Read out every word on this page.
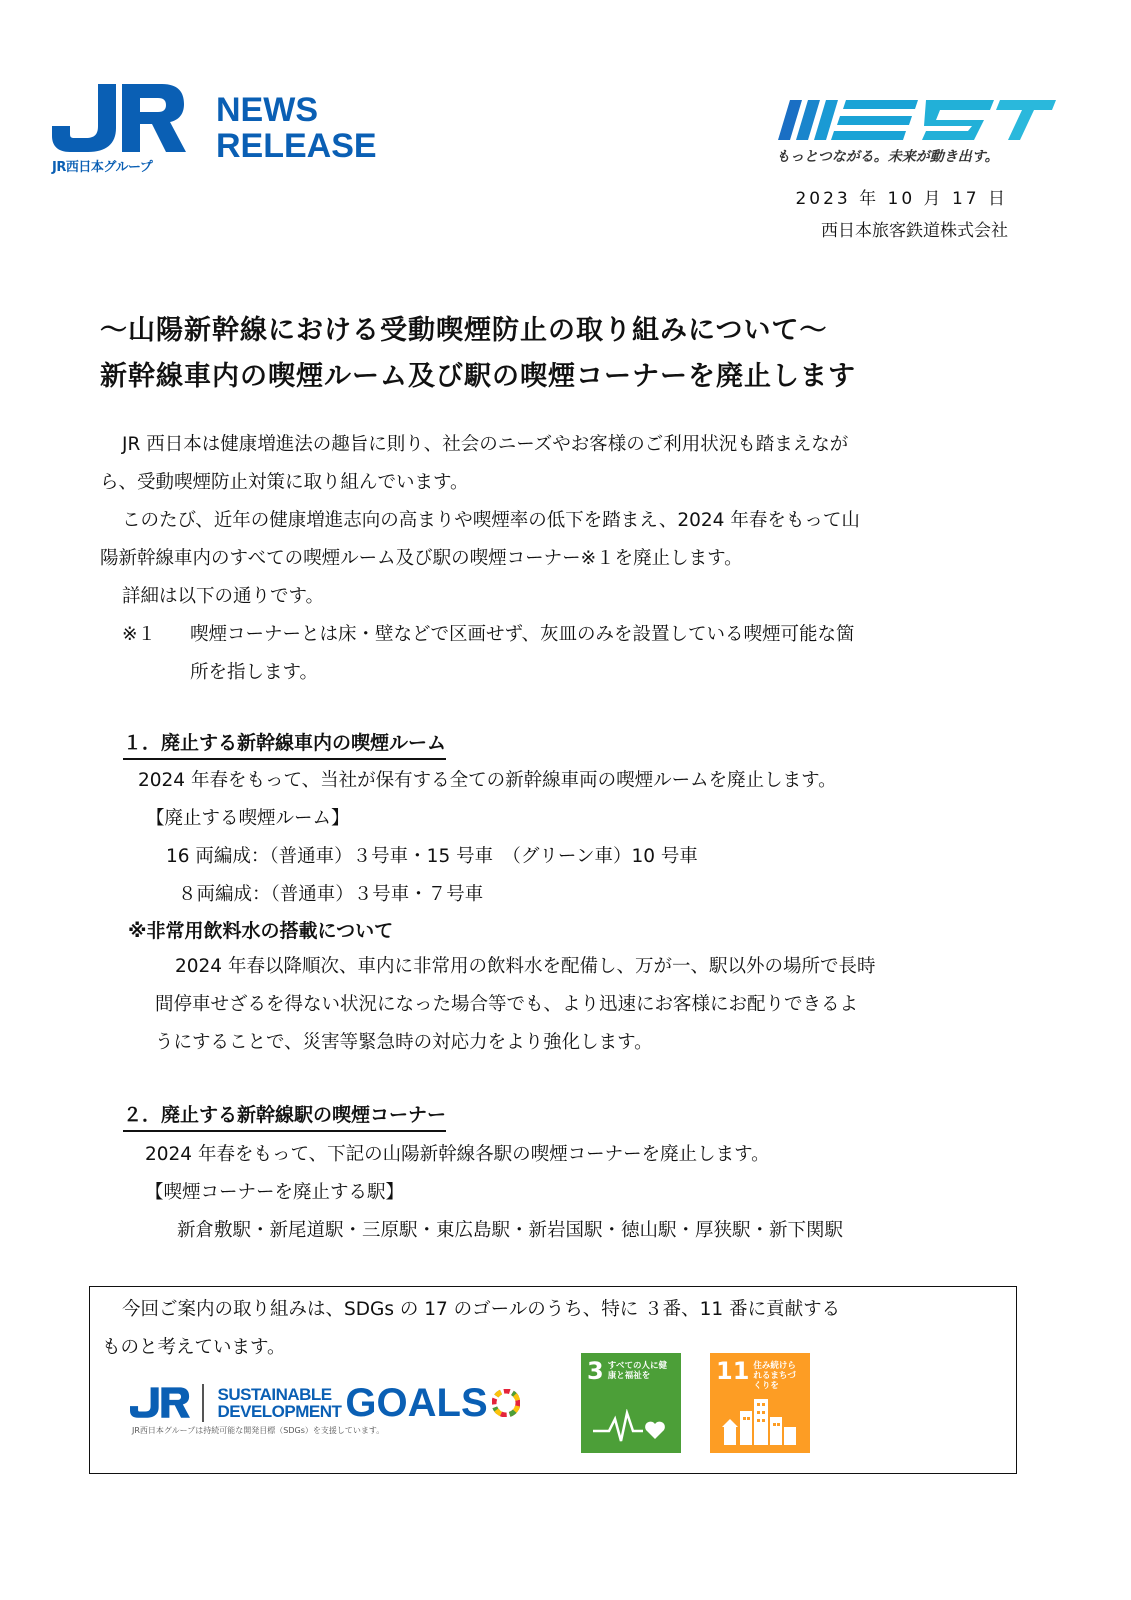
JR西日本グループ
NEWS
RELEASE	もっとつながる。未来が動き出す。
2023 年 10 月 17 日
西日本旅客鉄道株式会社
～山陽新幹線における受動喫煙防止の取り組みについて～
新幹線車内の喫煙ルーム及び駅の喫煙コーナーを廃止します
JR 西日本は健康増進法の趣旨に則り、社会のニーズやお客様のご利用状況も踏まえなが
ら、受動喫煙防止対策に取り組んでいます。
このたび、近年の健康増進志向の高まりや喫煙率の低下を踏まえ、2024 年春をもって山
陽新幹線車内のすべての喫煙ルーム及び駅の喫煙コーナー※１を廃止します。
詳細は以下の通りです。
※１	喫煙コーナーとは床・壁などで区画せず、灰皿のみを設置している喫煙可能な箇
所を指します。
１．廃止する新幹線車内の喫煙ルーム
2024 年春をもって、当社が保有する全ての新幹線車両の喫煙ルームを廃止します。
【廃止する喫煙ルーム】
16 両編成：（普通車）３号車・15 号車　（グリーン車）10 号車
８両編成：（普通車）３号車・７号車
※非常用飲料水の搭載について
2024 年春以降順次、車内に非常用の飲料水を配備し、万が一、駅以外の場所で長時
間停車せざるを得ない状況になった場合等でも、より迅速にお客様にお配りできるよ
うにすることで、災害等緊急時の対応力をより強化します。
２．廃止する新幹線駅の喫煙コーナー
2024 年春をもって、下記の山陽新幹線各駅の喫煙コーナーを廃止します。
【喫煙コーナーを廃止する駅】
新倉敷駅・新尾道駅・三原駅・東広島駅・新岩国駅・徳山駅・厚狭駅・新下関駅
今回ご案内の取り組みは、SDGs の 17 のゴールのうち、特に ３番、11 番に貢献する
ものと考えています。
SUSTAINABLE
DEVELOPMENT GOALS
JR西日本グループは持続可能な開発目標（SDGs）を支援しています。
3 すべての人に健康と福祉を	11 住み続けられるまちづくりを
